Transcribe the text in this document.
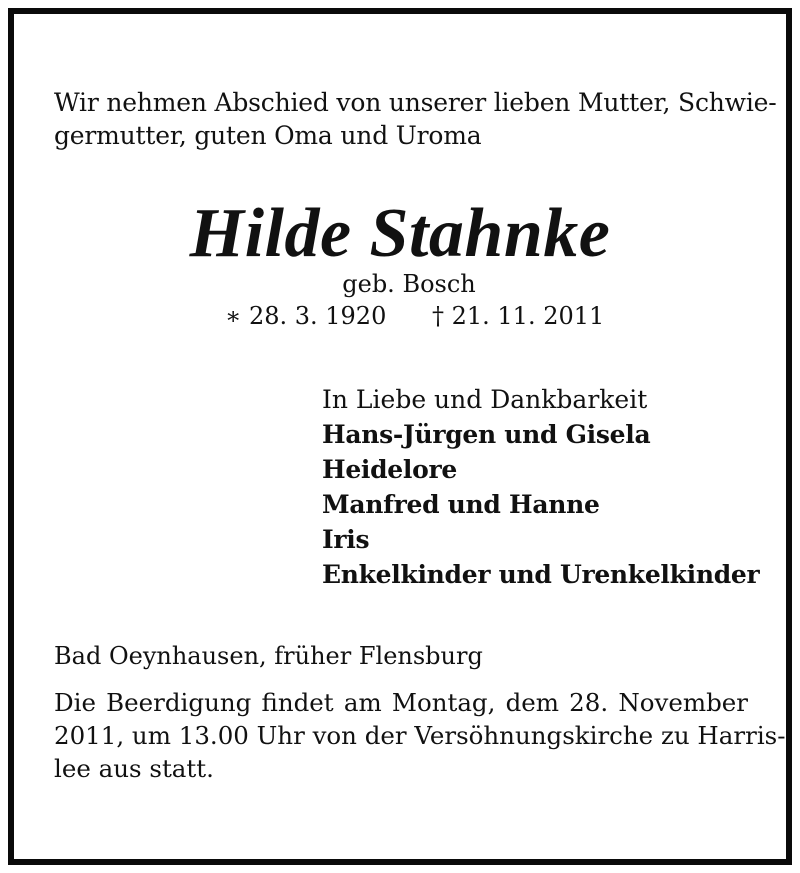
Wir nehmen Abschied von unserer lieben Mutter, Schwie-
germutter, guten Oma und Uroma

Hilde Stahnke
geb. Bosch
∗ 28. 3. 1920 † 21. 11. 2011
In Liebe und Dankbarkeit
Hans-Jürgen und Gisela
Heidelore
Manfred und Hanne
Iris
Enkelkinder und Urenkelkinder
Bad Oeynhausen, früher Flensburg
Die Beerdigung findet am Montag, dem 28. November
2011, um 13.00 Uhr von der Versöhnungskirche zu Harris-
lee aus statt.
